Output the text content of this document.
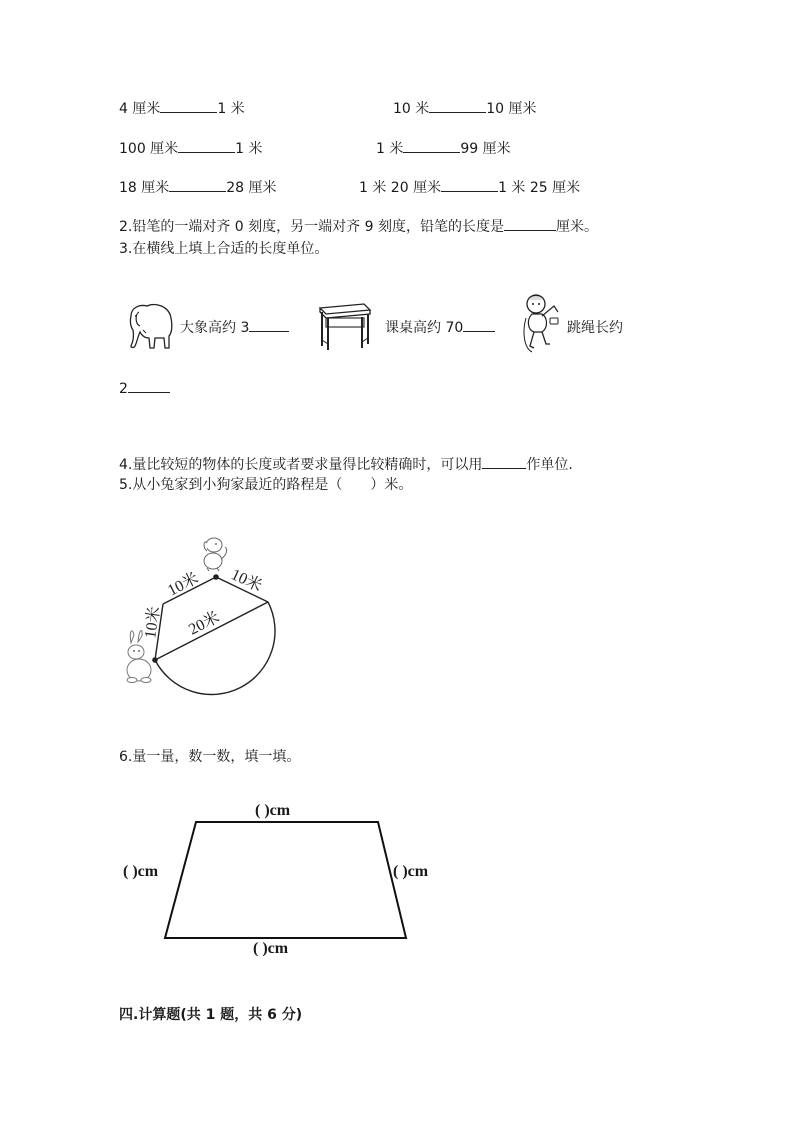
4 厘米	1 米	10 米	10 厘米
100 厘米	1 米	1 米	99 厘米
18 厘米	28 厘米	1 米 20 厘米	1 米 25 厘米
2.铅笔的一端对齐 0 刻度，另一端对齐 9 刻度，铅笔的长度是	厘米。
3.在横线上填上合适的长度单位。
大象高约 3	课桌高约 70	跳绳长约
2
4.量比较短的物体的长度或者要求量得比较精确时，可以用	作单位.
5.从小兔家到小狗家最近的路程是（　　）米。
10米
10米 10米
20米
6.量一量，数一数，填一填。
( )cm
( )cm	( )cm
( )cm
四.计算题(共 1 题，共 6 分)
